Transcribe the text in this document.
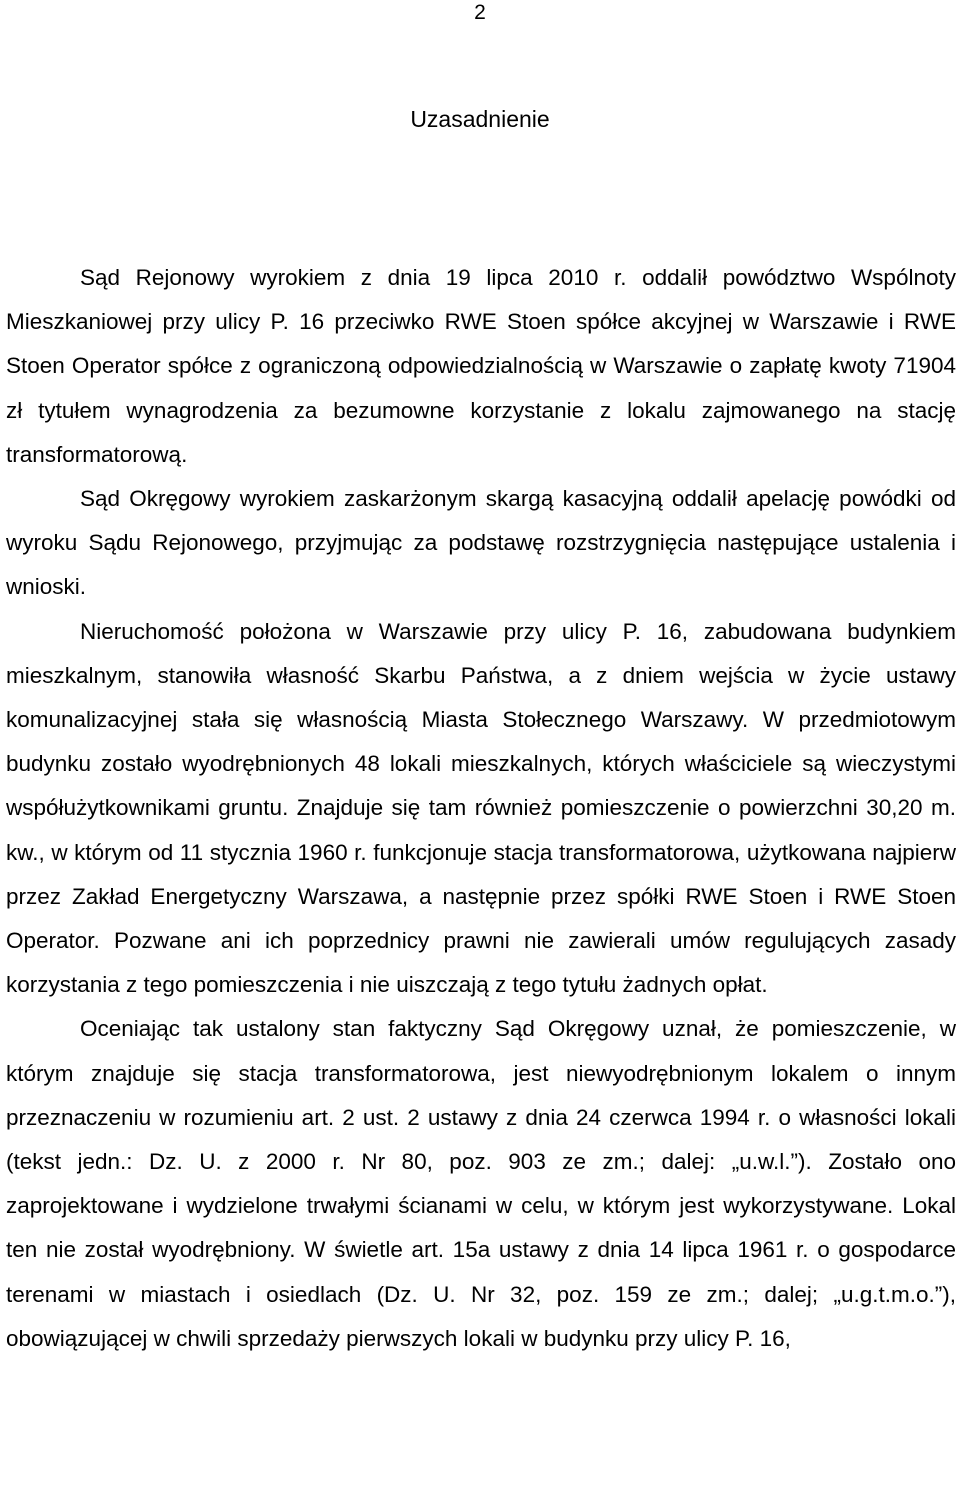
2
Uzasadnienie

Sąd Rejonowy wyrokiem z dnia 19 lipca 2010 r. oddalił powództwo Wspólnoty Mieszkaniowej przy ulicy P. 16 przeciwko RWE Stoen spółce akcyjnej w Warszawie i RWE Stoen Operator spółce z ograniczoną odpowiedzialnością w Warszawie o zapłatę kwoty 71904 zł tytułem wynagrodzenia za bezumowne korzystanie z lokalu zajmowanego na stację transformatorową.

Sąd Okręgowy wyrokiem zaskarżonym skargą kasacyjną oddalił apelację powódki od wyroku Sądu Rejonowego, przyjmując za podstawę rozstrzygnięcia następujące ustalenia i wnioski.

Nieruchomość położona w Warszawie przy ulicy P. 16, zabudowana budynkiem mieszkalnym, stanowiła własność Skarbu Państwa, a z dniem wejścia w życie ustawy komunalizacyjnej stała się własnością Miasta Stołecznego Warszawy. W przedmiotowym budynku zostało wyodrębnionych 48 lokali mieszkalnych, których właściciele są wieczystymi współużytkownikami gruntu. Znajduje się tam również pomieszczenie o powierzchni 30,20 m. kw., w którym od 11 stycznia 1960 r. funkcjonuje stacja transformatorowa, użytkowana najpierw przez Zakład Energetyczny Warszawa, a następnie przez spółki RWE Stoen i RWE Stoen Operator. Pozwane ani ich poprzednicy prawni nie zawierali umów regulujących zasady korzystania z tego pomieszczenia i nie uiszczają z tego tytułu żadnych opłat.

Oceniając tak ustalony stan faktyczny Sąd Okręgowy uznał, że pomieszczenie, w którym znajduje się stacja transformatorowa, jest niewyodrębnionym lokalem o innym przeznaczeniu w rozumieniu art. 2 ust. 2 ustawy z dnia 24 czerwca 1994 r. o własności lokali (tekst jedn.: Dz. U. z 2000 r. Nr 80, poz. 903 ze zm.; dalej: „u.w.l.”). Zostało ono zaprojektowane i wydzielone trwałymi ścianami w celu, w którym jest wykorzystywane. Lokal ten nie został wyodrębniony. W świetle art. 15a ustawy z dnia 14 lipca 1961 r. o gospodarce terenami w miastach i osiedlach (Dz. U. Nr 32, poz. 159 ze zm.; dalej; „u.g.t.m.o.”), obowiązującej w chwili sprzedaży pierwszych lokali w budynku przy ulicy P. 16,
